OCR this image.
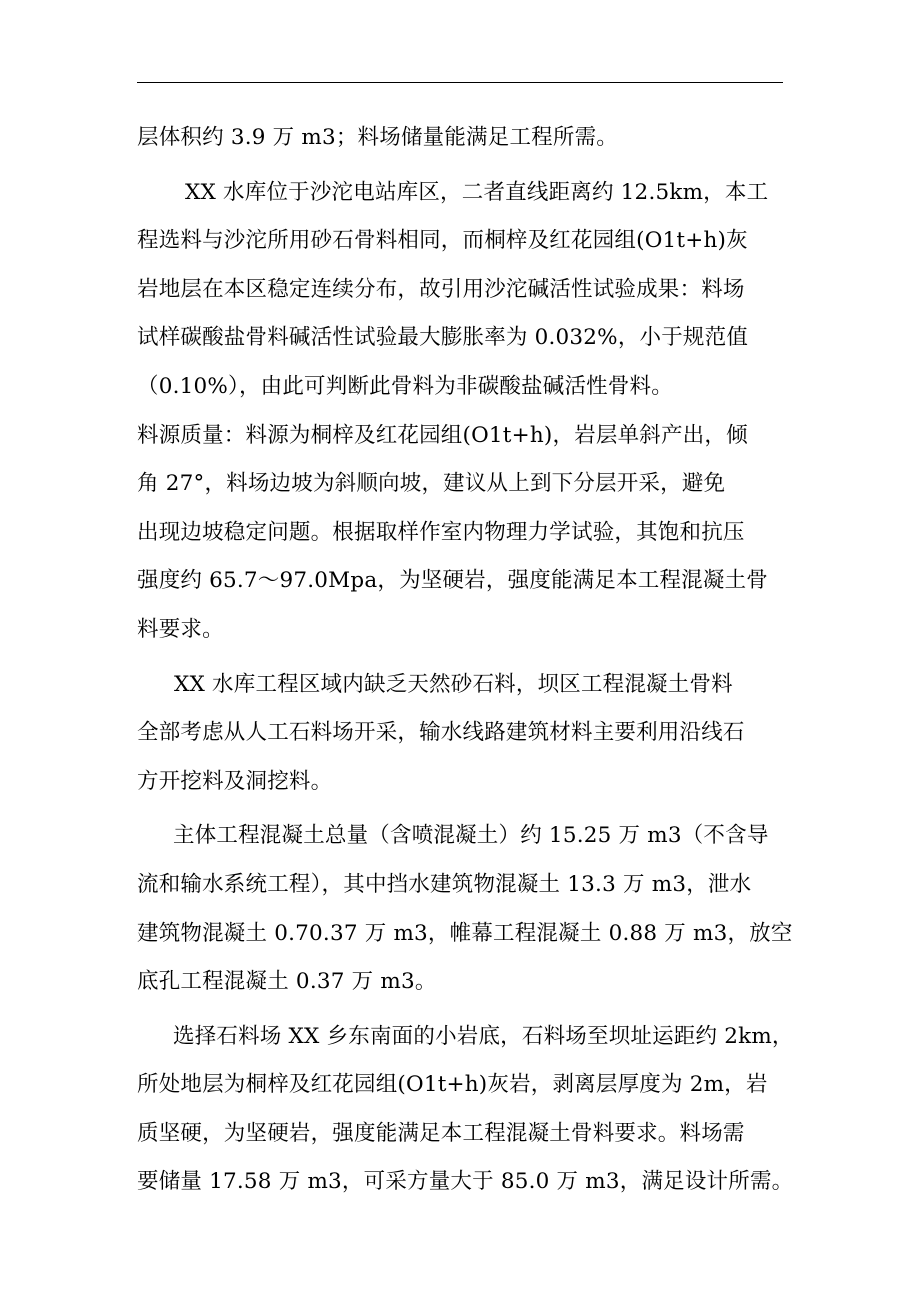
层体积约 3.9 万 m3；料场储量能满足工程所需。
XX 水库位于沙沱电站库区，二者直线距离约 12.5km，本工
程选料与沙沱所用砂石骨料相同，而桐梓及红花园组(O1t+h)灰
岩地层在本区稳定连续分布，故引用沙沱碱活性试验成果：料场
试样碳酸盐骨料碱活性试验最大膨胀率为 0.032%，小于规范值
（0.10%），由此可判断此骨料为非碳酸盐碱活性骨料。
料源质量：料源为桐梓及红花园组(O1t+h)，岩层单斜产出，倾
角 27°，料场边坡为斜顺向坡，建议从上到下分层开采，避免
出现边坡稳定问题。根据取样作室内物理力学试验，其饱和抗压
强度约 65.7～97.0Mpa，为坚硬岩，强度能满足本工程混凝土骨
料要求。
XX 水库工程区域内缺乏天然砂石料，坝区工程混凝土骨料
全部考虑从人工石料场开采，输水线路建筑材料主要利用沿线石
方开挖料及洞挖料。
主体工程混凝土总量（含喷混凝土）约 15.25 万 m3（不含导
流和输水系统工程），其中挡水建筑物混凝土 13.3 万 m3，泄水
建筑物混凝土 0.70.37 万 m3，帷幕工程混凝土 0.88 万 m3，放空
底孔工程混凝土 0.37 万 m3。
选择石料场 XX 乡东南面的小岩底，石料场至坝址运距约 2km，
所处地层为桐梓及红花园组(O1t+h)灰岩，剥离层厚度为 2m，岩
质坚硬，为坚硬岩，强度能满足本工程混凝土骨料要求。料场需
要储量 17.58 万 m3，可采方量大于 85.0 万 m3，满足设计所需。
